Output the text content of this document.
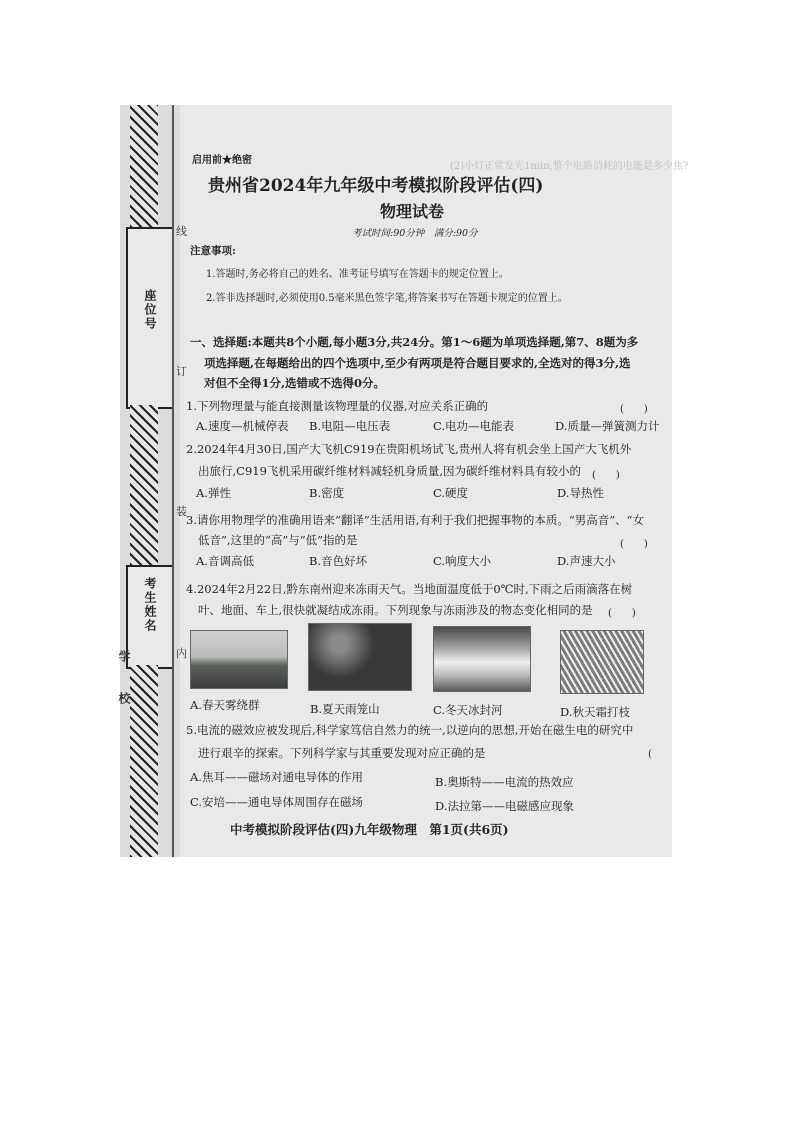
(2)小灯正常发光1min,整个电路消耗的电能是多少焦?
座位号
考生姓名
学　　校
线
订
装
内
启用前★绝密
贵州省2024年九年级中考模拟阶段评估(四)
物理试卷
考试时间:90分钟　满分:90分
注意事项:
1.答题时,务必将自己的姓名、准考证号填写在答题卡的规定位置上。
2.答非选择题时,必须使用0.5毫米黑色签字笔,将答案书写在答题卡规定的位置上。
一、选择题:本题共8个小题,每小题3分,共24分。第1～6题为单项选择题,第7、8题为多
项选择题,在每题给出的四个选项中,至少有两项是符合题目要求的,全选对的得3分,选
对但不全得1分,选错或不选得0分。
1.下列物理量与能直接测量该物理量的仪器,对应关系正确的	(　　)
A.速度—机械停表 B.电阻—电压表	C.电功—电能表	D.质量—弹簧测力计
2.2024年4月30日,国产大飞机C919在贵阳机场试飞,贵州人将有机会坐上国产大飞机外
出旅行,C919飞机采用碳纤维材料减轻机身质量,因为碳纤维材料具有较小的 (　　)
A.弹性	B.密度	C.硬度	D.导热性
3.请你用物理学的准确用语来“翻译”生活用语,有利于我们把握事物的本质。“男高音”、“女
低音”,这里的“高”与“低”指的是	(　　)
A.音调高低	B.音色好坏	C.响度大小	D.声速大小
4.2024年2月22日,黔东南州迎来冻雨天气。当地面温度低于0℃时,下雨之后雨滴落在树
叶、地面、车上,很快就凝结成冻雨。下列现象与冻雨涉及的物态变化相同的是 (　　)
A.春天雾绕群	B.夏天雨笼山	C.冬天冰封河	D.秋天霜打枝
5.电流的磁效应被发现后,科学家笃信自然力的统一,以逆向的思想,开始在磁生电的研究中
进行艰辛的探索。下列科学家与其重要发现对应正确的是	(
A.焦耳——磁场对通电导体的作用	B.奥斯特——电流的热效应
C.安培——通电导体周围存在磁场	D.法拉第——电磁感应现象
中考模拟阶段评估(四)九年级物理　第1页(共6页)
